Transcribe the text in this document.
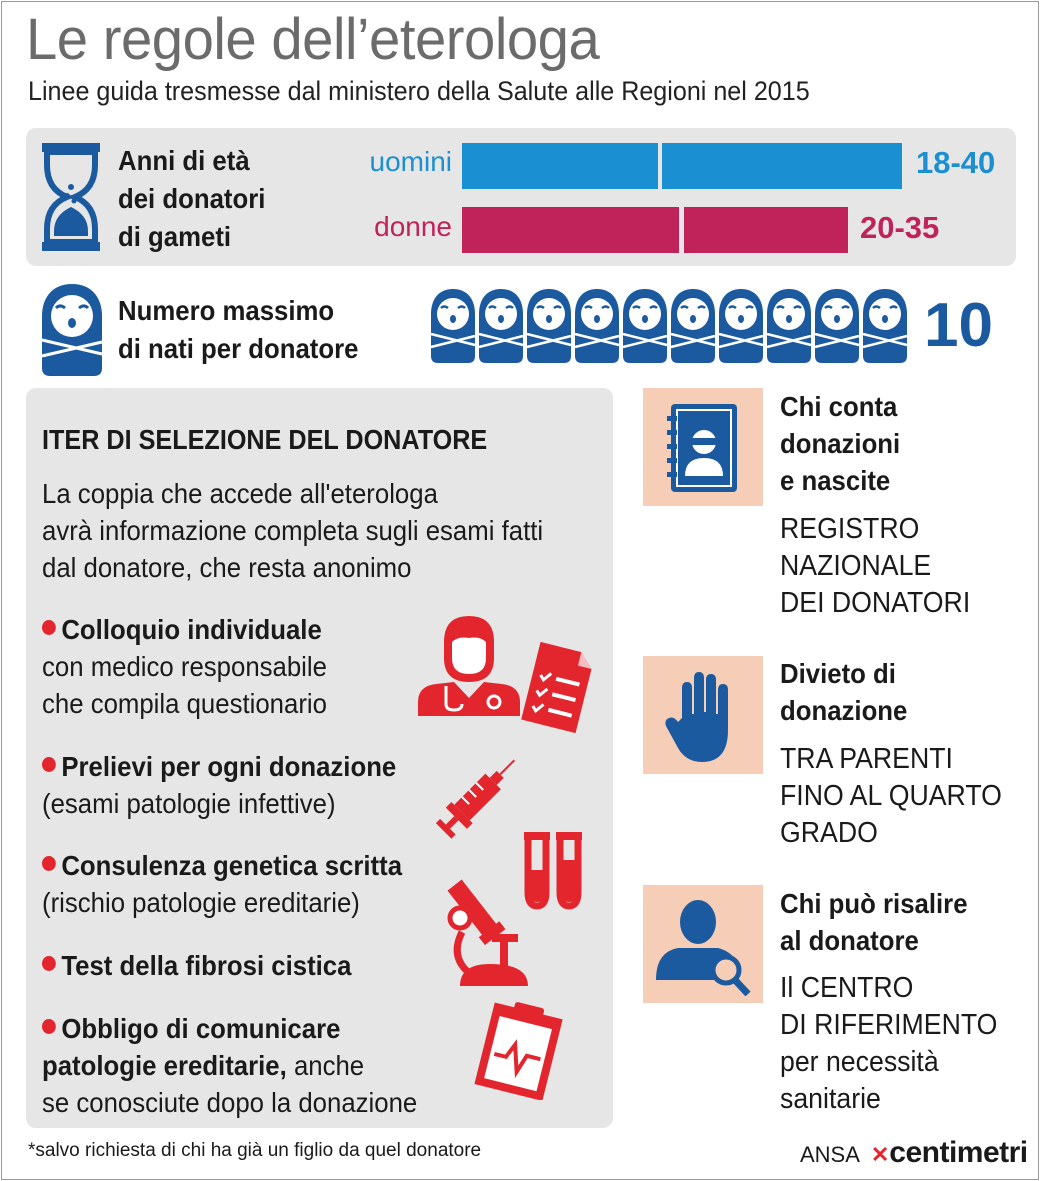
Le regole dell’eterologa
Linee guida tresmesse dal ministero della Salute alle Regioni nel 2015
Anni di età
dei donatori
di gameti
uomini	18-40
donne	20-35
Numero massimo
di nati per donatore	10
ITER DI SELEZIONE DEL DONATORE
La coppia che accede all'eterologa
avrà informazione completa sugli esami fatti
dal donatore, che resta anonimo
Colloquio individuale
con medico responsabile
che compila questionario
Prelievi per ogni donazione
(esami patologie infettive)
Consulenza genetica scritta
(rischio patologie ereditarie)
Test della fibrosi cistica
Obbligo di comunicare
patologie ereditarie, anche
se conosciute dopo la donazione
Chi conta
donazioni
e nascite
REGISTRO
NAZIONALE
DEI DONATORI
Divieto di
donazione
TRA PARENTI
FINO AL QUARTO
GRADO
Chi può risalire
al donatore
Il CENTRO
DI RIFERIMENTO
per necessità
sanitarie
*salvo richiesta di chi ha già un figlio da quel donatore	ANSA ✕centimetri
